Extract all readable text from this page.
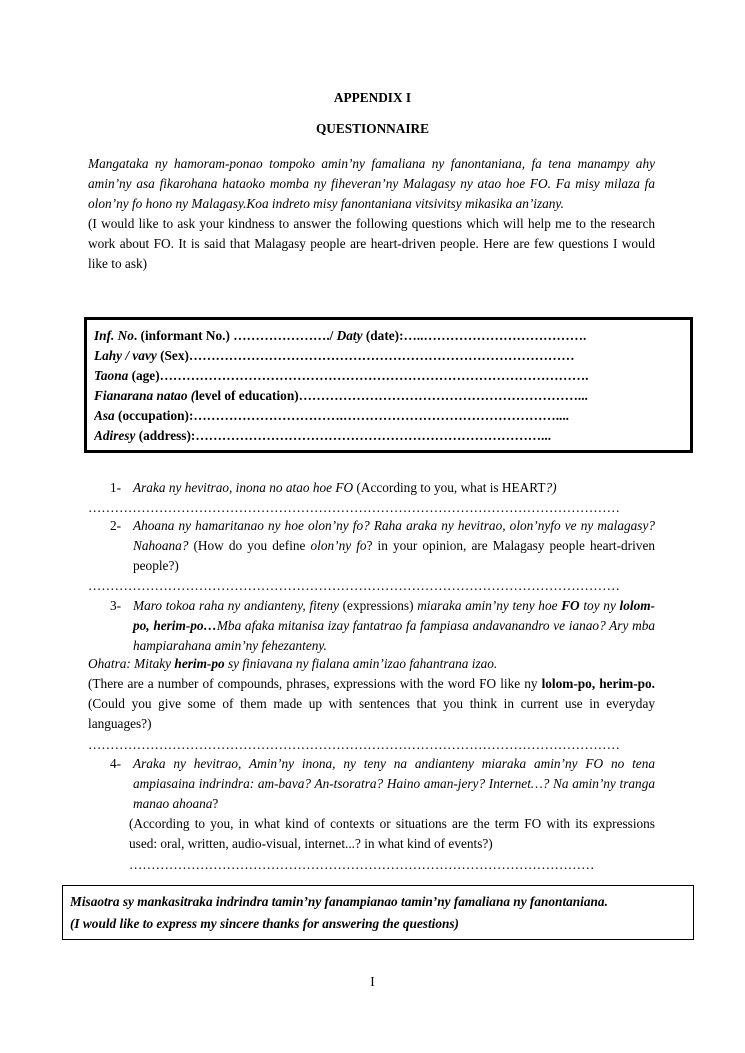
APPENDIX I
QUESTIONNAIRE

Mangataka ny hamoram-ponao tompoko amin’ny famaliana ny fanontaniana, fa tena manampy ahy amin’ny asa fikarohana hataoko momba ny fiheveran’ny Malagasy ny atao hoe FO. Fa misy milaza fa olon’ny fo hono ny Malagasy.Koa indreto misy fanontaniana vitsivitsy mikasika an’izany.

(I would like to ask your kindness to answer the following questions which will help me to the research work about FO. It is said that Malagasy people are heart-driven people. Here are few questions I would like to ask)

Inf. No. (informant No.) …………………./ Daty (date):…..……………………………….
Lahy / vavy (Sex)……………………………………………………………………………
Taona (age)…………………………………………………………………………………….
Fianarana natao (level of education)………………………………………………………...
Asa (occupation):…………………………….…………………………………………....
Adiresy (address):……………………………………………………………………...
1- Araka ny hevitrao, inona no atao hoe FO (According to you, what is HEART?)
…………………………………………………………………………………………………………
2- Ahoana ny hamaritanao ny hoe olon’ny fo? Raha araka ny hevitrao, olon’nyfo ve ny malagasy? Nahoana? (How do you define olon’ny fo? in your opinion, are Malagasy people heart-driven people?)
…………………………………………………………………………………………………………
3- Maro tokoa raha ny andianteny, fiteny (expressions) miaraka amin’ny teny hoe FO toy ny lolom-po, herim-po…Mba afaka mitanisa izay fantatrao fa fampiasa andavanandro ve ianao? Ary mba hampiarahana amin’ny fehezanteny.

Ohatra: Mitaky herim-po sy finiavana ny fialana amin’izao fahantrana izao.

(There are a number of compounds, phrases, expressions with the word FO like ny lolom-po, herim-po. (Could you give some of them made up with sentences that you think in current use in everyday languages?)

…………………………………………………………………………………………………………
4- Araka ny hevitrao, Amin’ny inona, ny teny na andianteny miaraka amin’ny FO no tena ampiasaina indrindra: am-bava? An-tsoratra? Haino aman-jery? Internet…? Na amin’ny tranga manao ahoana?
(According to you, in what kind of contexts or situations are the term FO with its expressions used: oral, written, audio-visual, internet...? in what kind of events?)
……………………………………………………………………………………………
Misaotra sy mankasitraka indrindra tamin’ny fanampianao tamin’ny famaliana ny fanontaniana.
(I would like to express my sincere thanks for answering the questions)
I
